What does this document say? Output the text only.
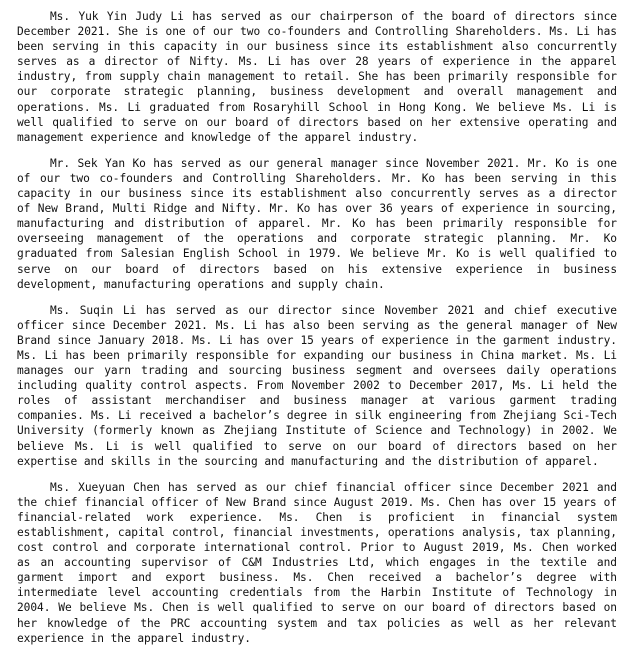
Ms. Yuk Yin Judy Li has served as our chairperson of the board of directors since December 2021. She is one of our two co-founders and Controlling Shareholders. Ms. Li has been serving in this capacity in our business since its establishment also concurrently serves as a director of Nifty. Ms. Li has over 28 years of experience in the apparel industry, from supply chain management to retail. She has been primarily responsible for our corporate strategic planning, business development and overall management and operations. Ms. Li graduated from Rosaryhill School in Hong Kong. We believe Ms. Li is well qualified to serve on our board of directors based on her extensive operating and management experience and knowledge of the apparel industry.

Mr. Sek Yan Ko has served as our general manager since November 2021. Mr. Ko is one of our two co-founders and Controlling Shareholders. Mr. Ko has been serving in this capacity in our business since its establishment also concurrently serves as a director of New Brand, Multi Ridge and Nifty. Mr. Ko has over 36 years of experience in sourcing, manufacturing and distribution of apparel. Mr. Ko has been primarily responsible for overseeing management of the operations and corporate strategic planning. Mr. Ko graduated from Salesian English School in 1979. We believe Mr. Ko is well qualified to serve on our board of directors based on his extensive experience in business development, manufacturing operations and supply chain.

Ms. Suqin Li has served as our director since November 2021 and chief executive officer since December 2021. Ms. Li has also been serving as the general manager of New Brand since January 2018. Ms. Li has over 15 years of experience in the garment industry. Ms. Li has been primarily responsible for expanding our business in China market. Ms. Li manages our yarn trading and sourcing business segment and oversees daily operations including quality control aspects. From November 2002 to December 2017, Ms. Li held the roles of assistant merchandiser and business manager at various garment trading companies. Ms. Li received a bachelor’s degree in silk engineering from Zhejiang Sci-Tech University (formerly known as Zhejiang Institute of Science and Technology) in 2002. We believe Ms. Li is well qualified to serve on our board of directors based on her expertise and skills in the sourcing and manufacturing and the distribution of apparel.

Ms. Xueyuan Chen has served as our chief financial officer since December 2021 and the chief financial officer of New Brand since August 2019. Ms. Chen has over 15 years of financial-related work experience. Ms. Chen is proficient in financial system establishment, capital control, financial investments, operations analysis, tax planning, cost control and corporate international control. Prior to August 2019, Ms. Chen worked as an accounting supervisor of C&M Industries Ltd, which engages in the textile and garment import and export business. Ms. Chen received a bachelor’s degree with intermediate level accounting credentials from the Harbin Institute of Technology in 2004. We believe Ms. Chen is well qualified to serve on our board of directors based on her knowledge of the PRC accounting system and tax policies as well as her relevant experience in the apparel industry.
